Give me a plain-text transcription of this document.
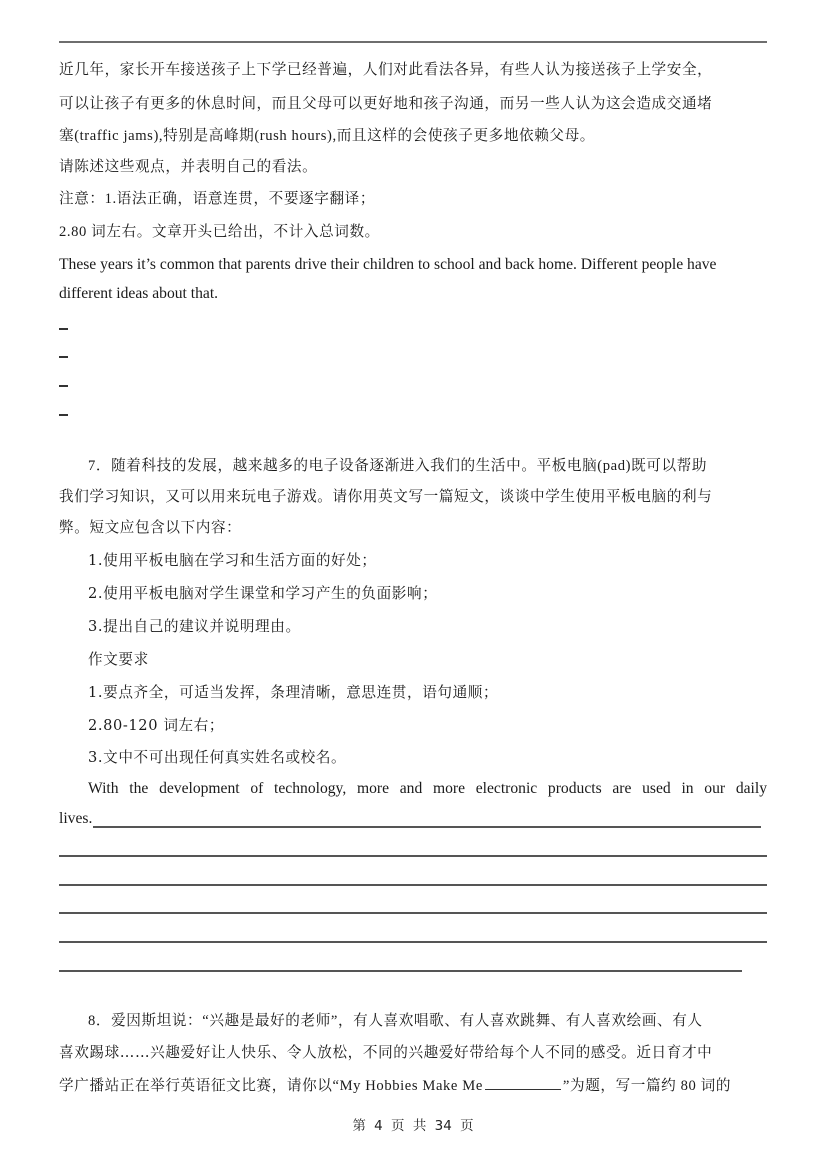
近几年，家长开车接送孩子上下学已经普遍，人们对此看法各异，有些人认为接送孩子上学安全，
可以让孩子有更多的休息时间，而且父母可以更好地和孩子沟通，而另一些人认为这会造成交通堵
塞(traffic jams),特别是高峰期(rush hours),而且这样的会使孩子更多地依赖父母。
请陈述这些观点，并表明自己的看法。
注意：1.语法正确，语意连贯，不要逐字翻译；
2.80 词左右。文章开头已给出，不计入总词数。
These years it’s common that parents drive their children to school and back home. Different people have
different ideas about that.
7．随着科技的发展，越来越多的电子设备逐渐进入我们的生活中。平板电脑(pad)既可以帮助
我们学习知识，又可以用来玩电子游戏。请你用英文写一篇短文，谈谈中学生使用平板电脑的利与
弊。短文应包含以下内容：
1.使用平板电脑在学习和生活方面的好处；
2.使用平板电脑对学生课堂和学习产生的负面影响；
3.提出自己的建议并说明理由。
作文要求
1.要点齐全，可适当发挥，条理清晰，意思连贯，语句通顺；
2.80-120 词左右；
3.文中不可出现任何真实姓名或校名。
With the development of technology, more and more electronic products are used in our daily
lives.
8．爱因斯坦说：“兴趣是最好的老师”，有人喜欢唱歌、有人喜欢跳舞、有人喜欢绘画、有人
喜欢踢球……兴趣爱好让人快乐、令人放松，不同的兴趣爱好带给每个人不同的感受。近日育才中
学广播站正在举行英语征文比赛，请你以“My Hobbies Make Me	”为题，写一篇约 80 词的
第 4 页 共 34 页
